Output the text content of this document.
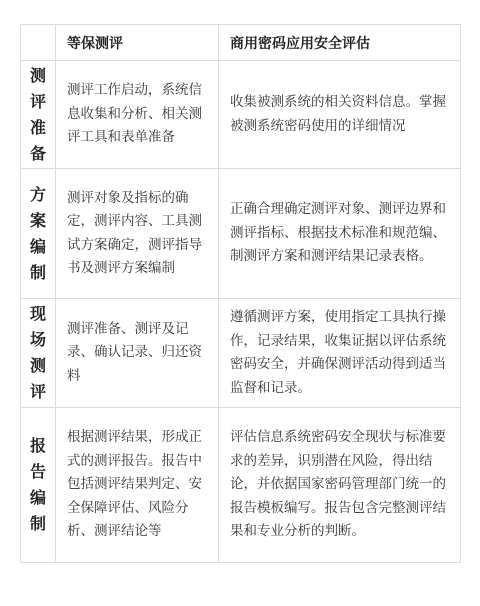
	等保测评	商用密码应用安全评估

测
评
准
备	测评工作启动，系统信息收集和分析、相关测评工具和表单准备	收集被测系统的相关资料信息。掌握被测系统密码使用的详细情况

方
案
编
制	测评对象及指标的确定，测评内容、工具测试方案确定，测评指导书及测评方案编制	正确合理确定测评对象、测评边界和测评指标、根据技术标准和规范编、制测评方案和测评结果记录表格。

现
场
测
评	测评准备、测评及记录、确认记录、归还资料	遵循测评方案，使用指定工具执行操作，记录结果，收集证据以评估系统密码安全，并确保测评活动得到适当监督和记录。

报
告
编
制	根据测评结果，形成正式的测评报告。报告中包括测评结果判定、安全保障评估、风险分析、测评结论等	评估信息系统密码安全现状与标准要求的差异，识别潜在风险，得出结论，并依据国家密码管理部门统一的报告模板编写。报告包含完整测评结果和专业分析的判断。
